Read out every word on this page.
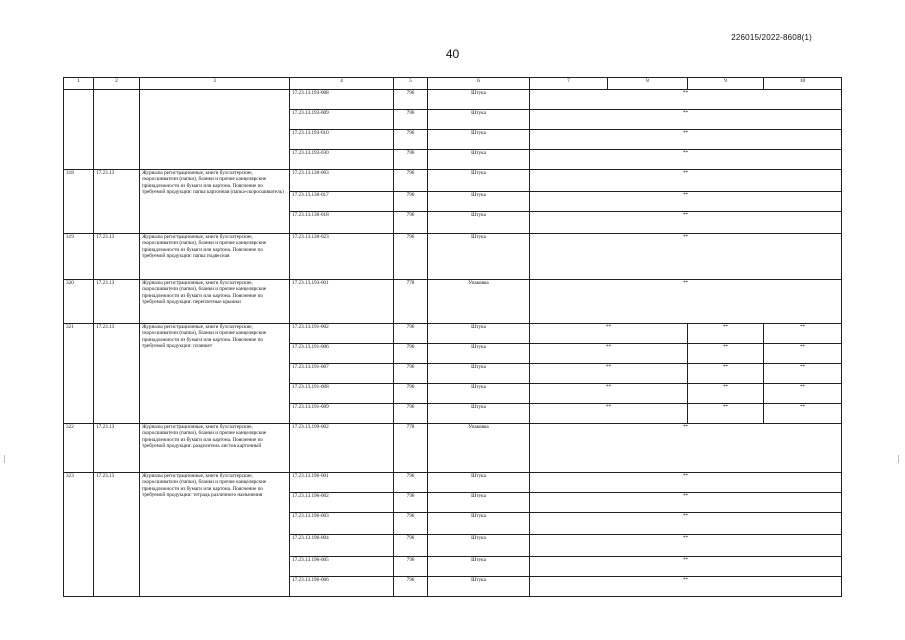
226015/2022-8608(1)
40
1	2	3	4	5	6	7	8	9	10
			17.23.13.193-008	796	Штука	**			
			17.23.13.193-009	796	Штука	**			
			17.23.13.193-010	796	Штука	**			
			17.23.13.193-030	796	Штука	**			
318	17.23.13	Журналы регистрационные, книги бухгалтерские, скоросшиватели (папки), бланки и прочие канцелярские принадлежности из бумаги или картона. Пояснение по требуемой продукции: папка картонная (папка-скоросшиватель)	17.23.13.130-003	796	Штука	**			
			17.23.13.130-017	796	Штука	**			
			17.23.13.130-018	796	Штука	**			
319	17.23.13	Журналы регистрационные, книги бухгалтерские, скоросшиватели (папки), бланки и прочие канцелярские принадлежности из бумаги или картона. Пояснение по требуемой продукции: папка подвесная	17.23.13.130-023	796	Штука	**			
320	17.23.13	Журналы регистрационные, книги бухгалтерские, скоросшиватели (папки), бланки и прочие канцелярские принадлежности из бумаги или картона. Пояснение по требуемой продукции: переплетные крышки	17.23.13.193-001	778	Упаковка	**			
321	17.23.13	Журналы регистрационные, книги бухгалтерские, скоросшиватели (папки), бланки и прочие канцелярские принадлежности из бумаги или картона. Пояснение по требуемой продукции: планшет	17.23.13.191-002	796	Штука	**		**	**
			17.23.13.191-006	796	Штука	**		**	**
			17.23.13.191-007	796	Штука	**		**	**
			17.23.13.191-008	796	Штука	**		**	**
			17.23.13.191-009	796	Штука	**		**	**
322	17.23.13	Журналы регистрационные, книги бухгалтерские, скоросшиватели (папки), бланки и прочие канцелярские принадлежности из бумаги или картона. Пояснение по требуемой продукции: разделитель листов картонный	17.23.13.199-002	778	Упаковка	**			
323	17.23.13	Журналы регистрационные, книги бухгалтерские, скоросшиватели (папки), бланки и прочие канцелярские принадлежности из бумаги или картона. Пояснение по требуемой продукции: тетрадь различного назначения	17.23.13.196-001	796	Штука	**			
			17.23.13.196-002	796	Штука	**			
			17.23.13.196-003	796	Штука	**			
			17.23.13.196-004	796	Штука	**			
			17.23.13.196-005	796	Штука	**			
			17.23.13.196-006	796	Штука	**			
